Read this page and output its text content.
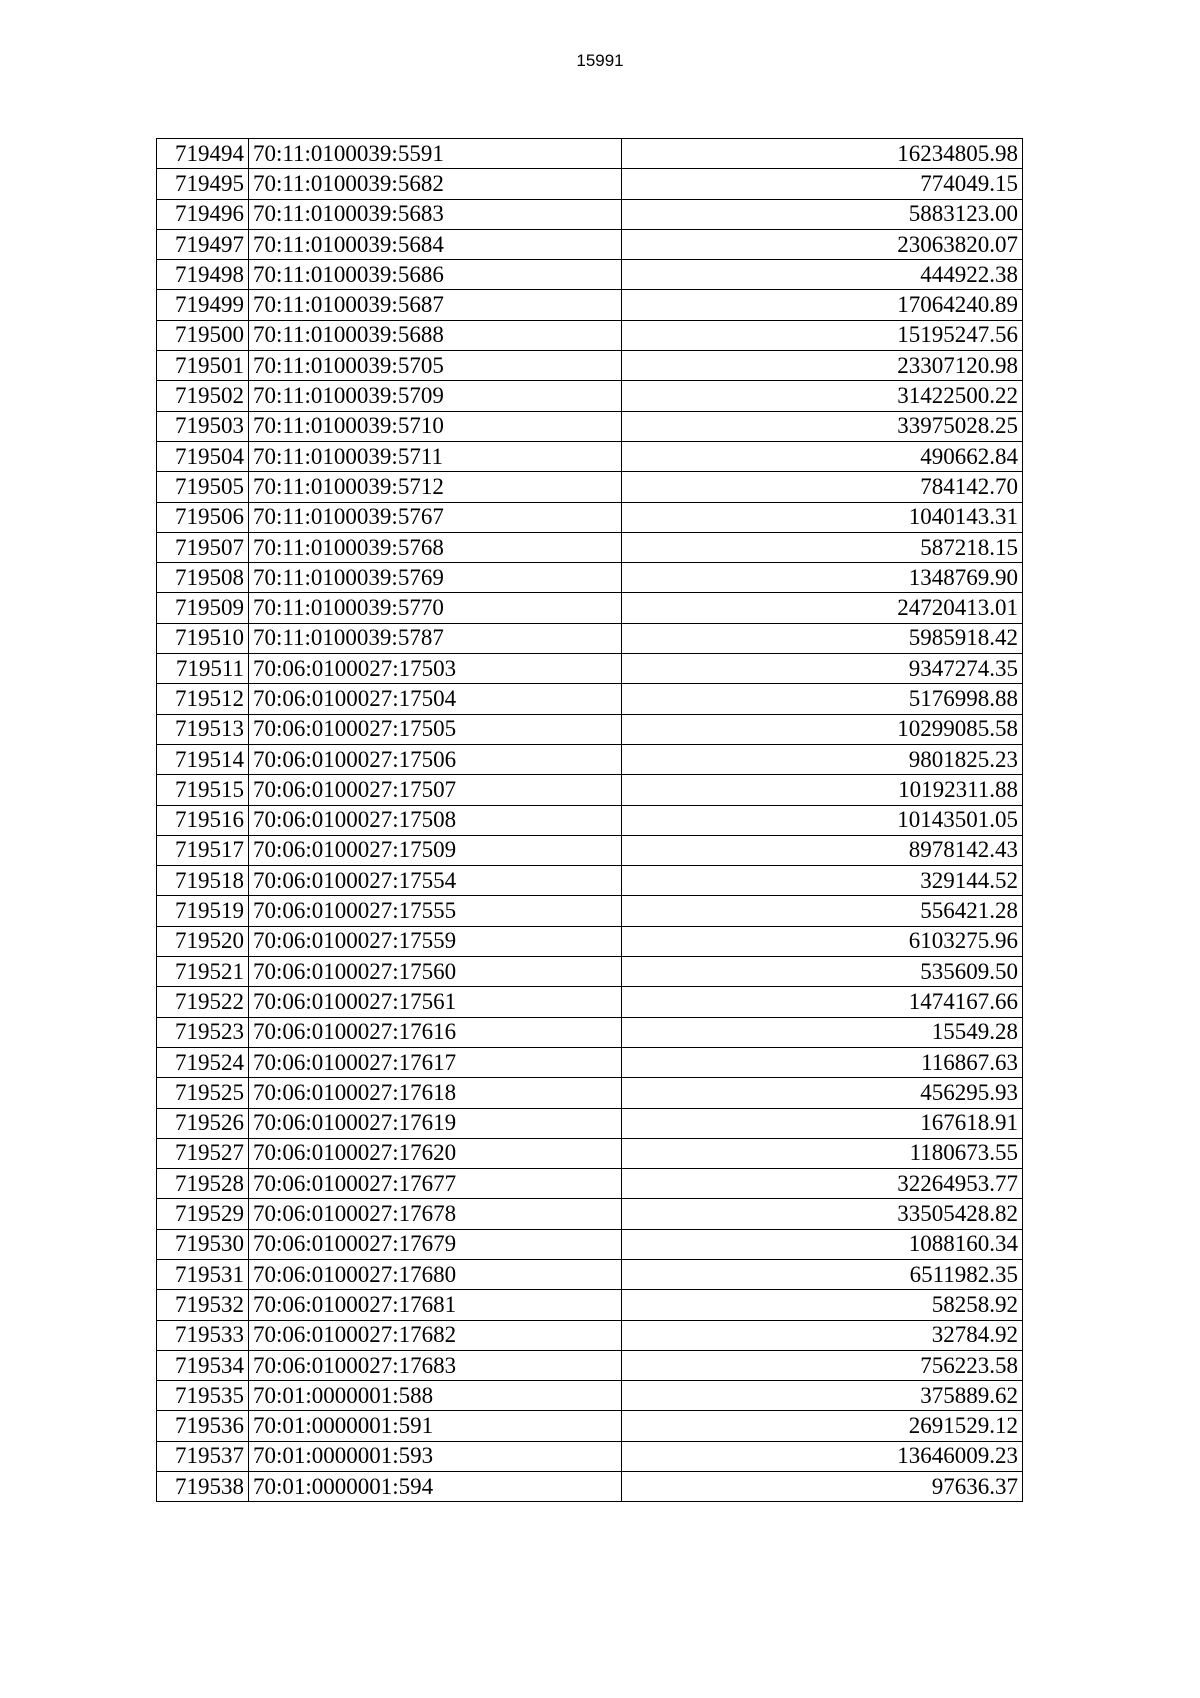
15991
719494	70:11:0100039:5591	16234805.98
719495	70:11:0100039:5682	774049.15
719496	70:11:0100039:5683	5883123.00
719497	70:11:0100039:5684	23063820.07
719498	70:11:0100039:5686	444922.38
719499	70:11:0100039:5687	17064240.89
719500	70:11:0100039:5688	15195247.56
719501	70:11:0100039:5705	23307120.98
719502	70:11:0100039:5709	31422500.22
719503	70:11:0100039:5710	33975028.25
719504	70:11:0100039:5711	490662.84
719505	70:11:0100039:5712	784142.70
719506	70:11:0100039:5767	1040143.31
719507	70:11:0100039:5768	587218.15
719508	70:11:0100039:5769	1348769.90
719509	70:11:0100039:5770	24720413.01
719510	70:11:0100039:5787	5985918.42
719511	70:06:0100027:17503	9347274.35
719512	70:06:0100027:17504	5176998.88
719513	70:06:0100027:17505	10299085.58
719514	70:06:0100027:17506	9801825.23
719515	70:06:0100027:17507	10192311.88
719516	70:06:0100027:17508	10143501.05
719517	70:06:0100027:17509	8978142.43
719518	70:06:0100027:17554	329144.52
719519	70:06:0100027:17555	556421.28
719520	70:06:0100027:17559	6103275.96
719521	70:06:0100027:17560	535609.50
719522	70:06:0100027:17561	1474167.66
719523	70:06:0100027:17616	15549.28
719524	70:06:0100027:17617	116867.63
719525	70:06:0100027:17618	456295.93
719526	70:06:0100027:17619	167618.91
719527	70:06:0100027:17620	1180673.55
719528	70:06:0100027:17677	32264953.77
719529	70:06:0100027:17678	33505428.82
719530	70:06:0100027:17679	1088160.34
719531	70:06:0100027:17680	6511982.35
719532	70:06:0100027:17681	58258.92
719533	70:06:0100027:17682	32784.92
719534	70:06:0100027:17683	756223.58
719535	70:01:0000001:588	375889.62
719536	70:01:0000001:591	2691529.12
719537	70:01:0000001:593	13646009.23
719538	70:01:0000001:594	97636.37
